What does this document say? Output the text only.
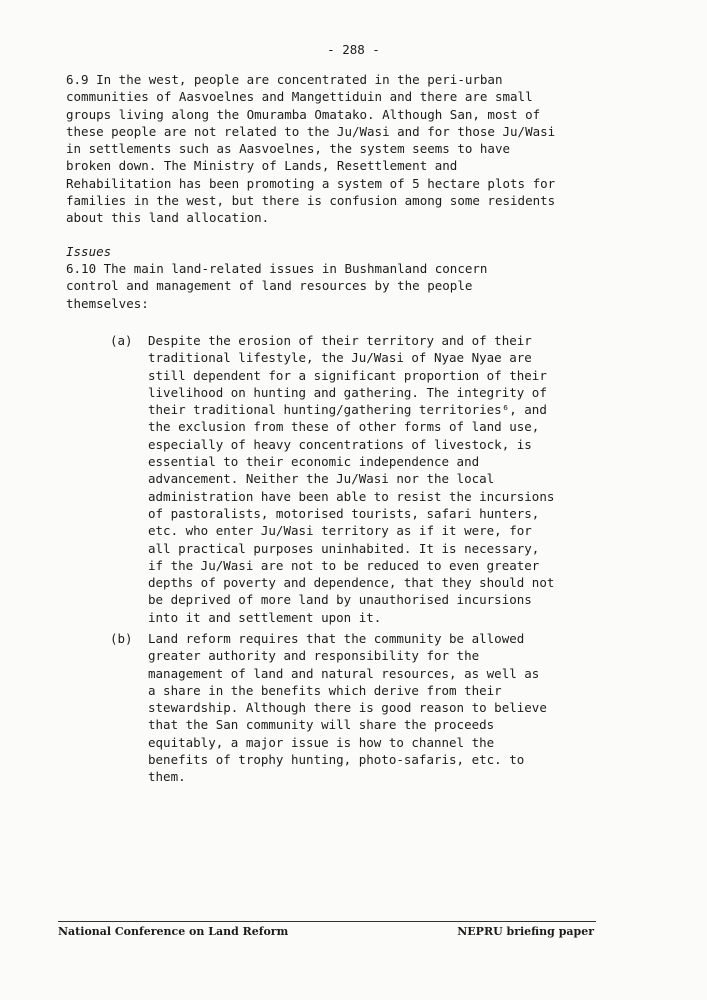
- 288 -
6.9 In the west, people are concentrated in the peri-urban
communities of Aasvoelnes and Mangettiduin and there are small
groups living along the Omuramba Omatako. Although San, most of
these people are not related to the Ju/Wasi and for those Ju/Wasi
in settlements such as Aasvoelnes, the system seems to have
broken down. The Ministry of Lands, Resettlement and
Rehabilitation has been promoting a system of 5 hectare plots for
families in the west, but there is confusion among some residents
about this land allocation.
Issues
6.10 The main land-related issues in Bushmanland concern
control and management of land resources by the people
themselves:
(a)	Despite the erosion of their territory and of their
traditional lifestyle, the Ju/Wasi of Nyae Nyae are
still dependent for a significant proportion of their
livelihood on hunting and gathering. The integrity of
their traditional hunting/gathering territories⁶, and
the exclusion from these of other forms of land use,
especially of heavy concentrations of livestock, is
essential to their economic independence and
advancement. Neither the Ju/Wasi nor the local
administration have been able to resist the incursions
of pastoralists, motorised tourists, safari hunters,
etc. who enter Ju/Wasi territory as if it were, for
all practical purposes uninhabited. It is necessary,
if the Ju/Wasi are not to be reduced to even greater
depths of poverty and dependence, that they should not
be deprived of more land by unauthorised incursions
into it and settlement upon it.
(b)	Land reform requires that the community be allowed
greater authority and responsibility for the
management of land and natural resources, as well as
a share in the benefits which derive from their
stewardship. Although there is good reason to believe
that the San community will share the proceeds
equitably, a major issue is how to channel the
benefits of trophy hunting, photo-safaris, etc. to
them.
National Conference on Land Reform	NEPRU briefing paper
